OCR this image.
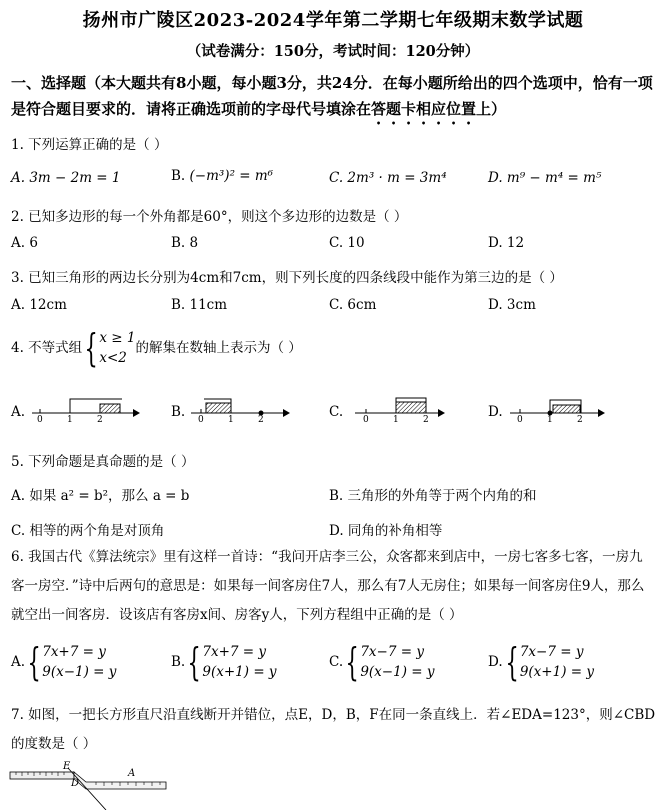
扬州市广陵区2023-2024学年第二学期七年级期末数学试题
（试卷满分：150分，考试时间：120分钟）
一、选择题（本大题共有8小题，每小题3分，共24分．在每小题所给出的四个选项中，恰有一项是符合题目要求的．请将正确选项前的字母代号填涂在答题卡相应位置上）
1. 下列运算正确的是（ ）
A. 3m − 2m = 1	B. (−m³)² = m⁶	C. 2m³ · m = 3m⁴	D. m⁹ − m⁴ = m⁵
2. 已知多边形的每一个外角都是60°，则这个多边形的边数是（ ）
A. 6	B. 8	C. 10	D. 12
3. 已知三角形的两边长分别为4cm和7cm，则下列长度的四条线段中能作为第三边的是（ ）
A. 12cm	B. 11cm	C. 6cm	D. 3cm
4. 不等式组{ x ≥ 1
x<2
的解集在数轴上表示为（ ）
A.	B.	C.	D.
0	1	2	0	1	2	0	1	2	0	1	2
5. 下列命题是真命题的是（ ）
A. 如果 a² = b²，那么 a = b	B. 三角形的外角等于两个内角的和
C. 相等的两个角是对顶角	D. 同角的补角相等
6. 我国古代《算法统宗》里有这样一首诗：“我问开店李三公，众客都来到店中，一房七客多七客，一房九客一房空．”诗中后两句的意思是：如果每一间客房住7人，那么有7人无房住；如果每一间客房住9人，那么就空出一间客房．设该店有客房x间、房客y人，下列方程组中正确的是（ ）
A.{ 7x+7 = y
9(x−1) = y
B.{ 7x+7 = y
9(x+1) = y
C.{ 7x−7 = y
9(x−1) = y
D.{ 7x−7 = y
9(x+1) = y
7. 如图，一把长方形直尺沿直线断开并错位，点E，D，B，F在同一条直线上．若∠EDA=123°，则∠CBD的度数是（ ）
E
D
A
